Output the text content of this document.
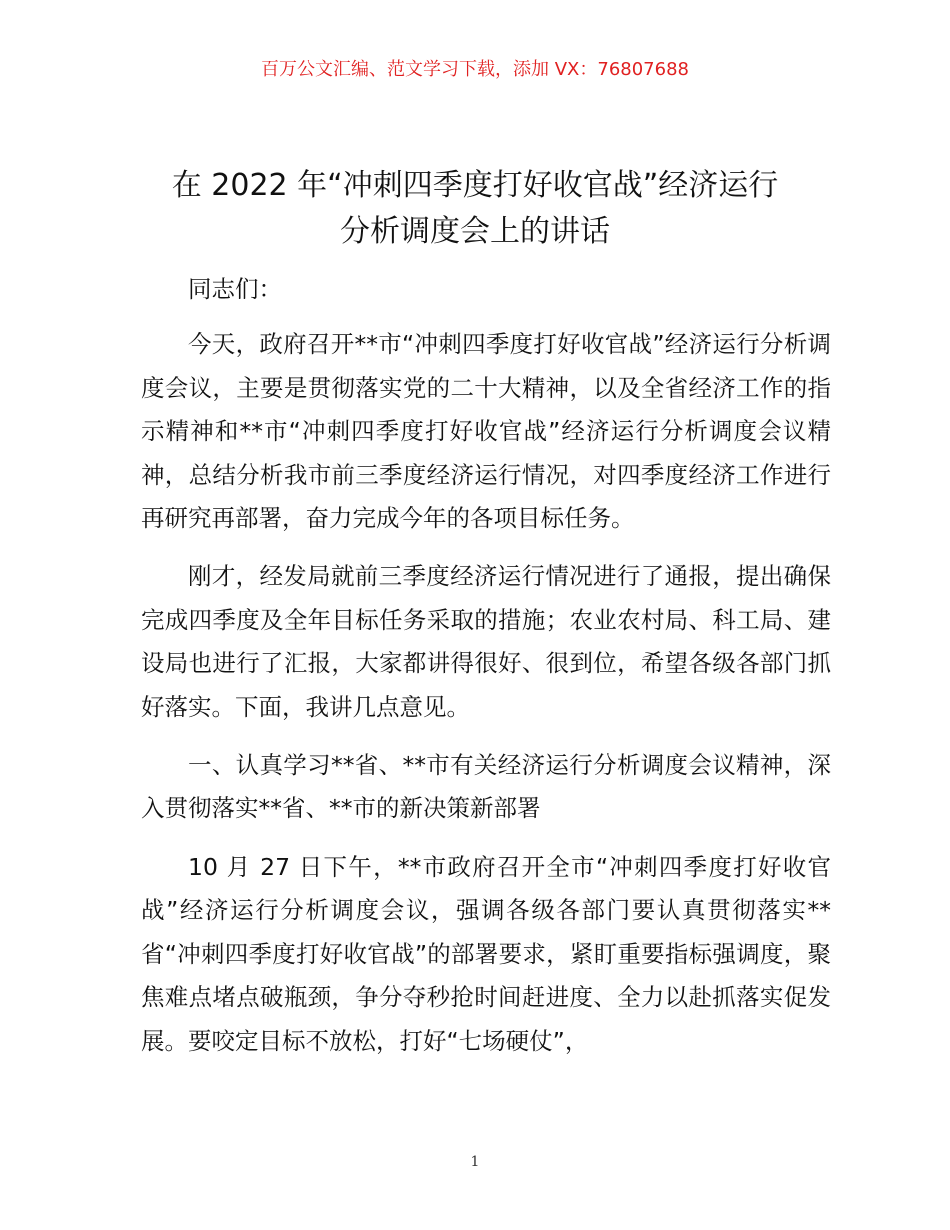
百万公文汇编、范文学习下载，添加 VX：76807688
在 2022 年“冲刺四季度打好收官战”经济运行
分析调度会上的讲话

同志们：

今天，政府召开**市“冲刺四季度打好收官战”经济运行分析调度会议，主要是贯彻落实党的二十大精神，以及全省经济工作的指示精神和**市“冲刺四季度打好收官战”经济运行分析调度会议精神，总结分析我市前三季度经济运行情况，对四季度经济工作进行再研究再部署，奋力完成今年的各项目标任务。

刚才，经发局就前三季度经济运行情况进行了通报，提出确保完成四季度及全年目标任务采取的措施；农业农村局、科工局、建设局也进行了汇报，大家都讲得很好、很到位，希望各级各部门抓好落实。下面，我讲几点意见。

一、认真学习**省、**市有关经济运行分析调度会议精神，深入贯彻落实**省、**市的新决策新部署

10 月 27 日下午，**市政府召开全市“冲刺四季度打好收官战”经济运行分析调度会议，强调各级各部门要认真贯彻落实**省“冲刺四季度打好收官战”的部署要求，紧盯重要指标强调度，聚焦难点堵点破瓶颈，争分夺秒抢时间赶进度、全力以赴抓落实促发展。要咬定目标不放松，打好“七场硬仗”，

1
